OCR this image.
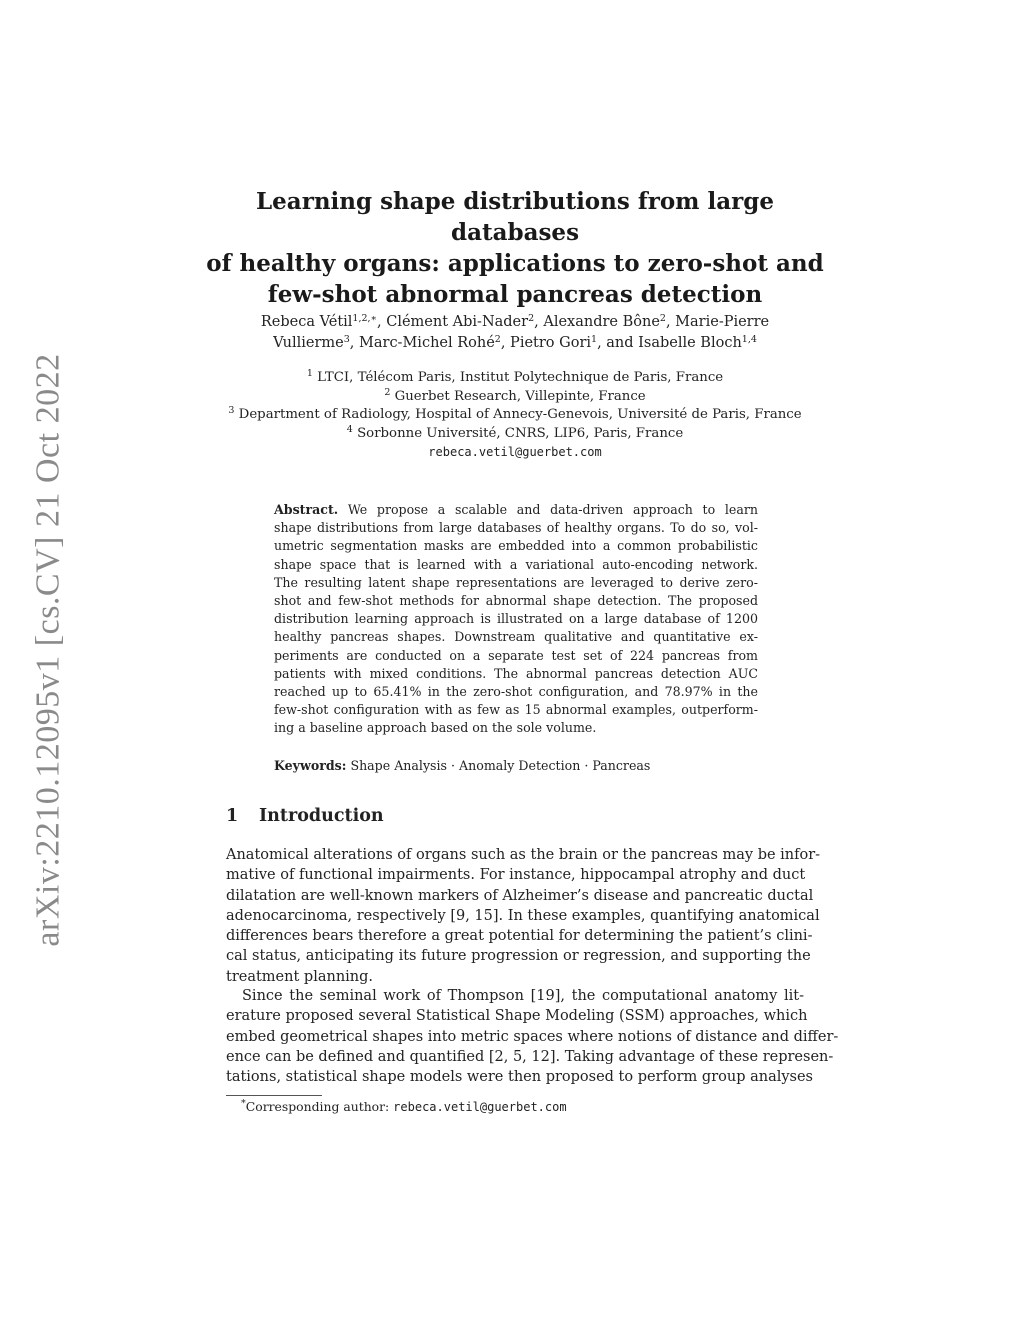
arXiv:2210.12095v1 [cs.CV] 21 Oct 2022
Learning shape distributions from large databases
of healthy organs: applications to zero-shot and
few-shot abnormal pancreas detection

Rebeca Vétil$^{1,2,∗}$, Clément Abi-Nader$^2$, Alexandre Bône$^2$, Marie-Pierre
Vullierme$^3$, Marc-Michel Rohé$^2$, Pietro Gori$^1$, and Isabelle Bloch$^{1,4}$

$^1$ LTCI, Télécom Paris, Institut Polytechnique de Paris, France
$^2$ Guerbet Research, Villepinte, France
$^3$ Department of Radiology, Hospital of Annecy-Genevois, Université de Paris, France
$^4$ Sorbonne Université, CNRS, LIP6, Paris, France
rebeca.vetil@guerbet.com
Abstract. We propose a scalable and data-driven approach to learn
shape distributions from large databases of healthy organs. To do so, vol-
umetric segmentation masks are embedded into a common probabilistic
shape space that is learned with a variational auto-encoding network.
The resulting latent shape representations are leveraged to derive zero-
shot and few-shot methods for abnormal shape detection. The proposed
distribution learning approach is illustrated on a large database of 1200
healthy pancreas shapes. Downstream qualitative and quantitative ex-
periments are conducted on a separate test set of 224 pancreas from
patients with mixed conditions. The abnormal pancreas detection AUC
reached up to 65.41% in the zero-shot configuration, and 78.97% in the
few-shot configuration with as few as 15 abnormal examples, outperform-
ing a baseline approach based on the sole volume.

Keywords: Shape Analysis · Anomaly Detection · Pancreas

1 Introduction
Anatomical alterations of organs such as the brain or the pancreas may be infor-
mative of functional impairments. For instance, hippocampal atrophy and duct
dilatation are well-known markers of Alzheimer’s disease and pancreatic ductal
adenocarcinoma, respectively [9, 15]. In these examples, quantifying anatomical
differences bears therefore a great potential for determining the patient’s clini-
cal status, anticipating its future progression or regression, and supporting the
treatment planning.
Since the seminal work of Thompson [19], the computational anatomy lit-
erature proposed several Statistical Shape Modeling (SSM) approaches, which
embed geometrical shapes into metric spaces where notions of distance and differ-
ence can be defined and quantified [2, 5, 12]. Taking advantage of these represen-
tations, statistical shape models were then proposed to perform group analyses

*Corresponding author: rebeca.vetil@guerbet.com
